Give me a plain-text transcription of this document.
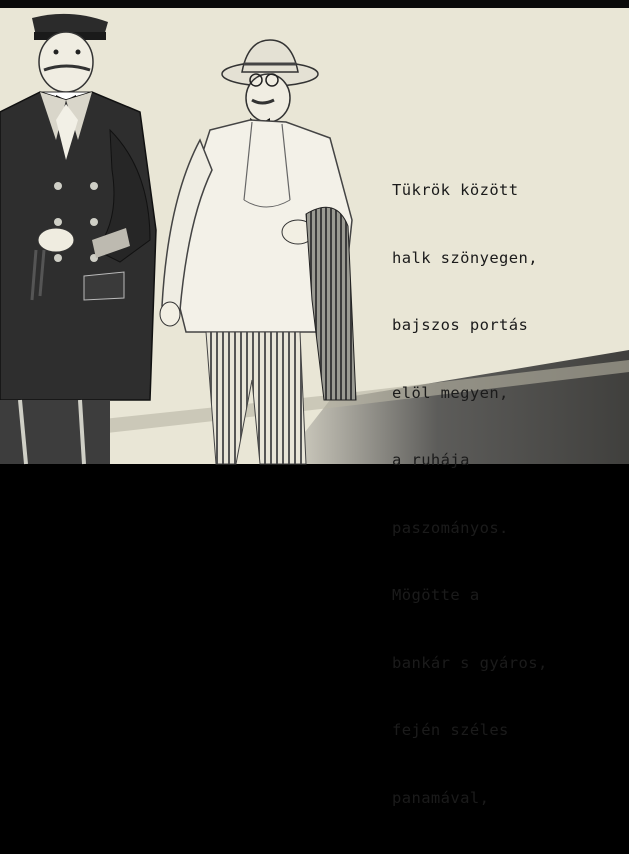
Tükrök között

halk szönyegen,

bajszos portás

elöl megyen,

a ruhája

paszományos.

Mögötte a

bankár s gyáros,

fején széles

panamával,
